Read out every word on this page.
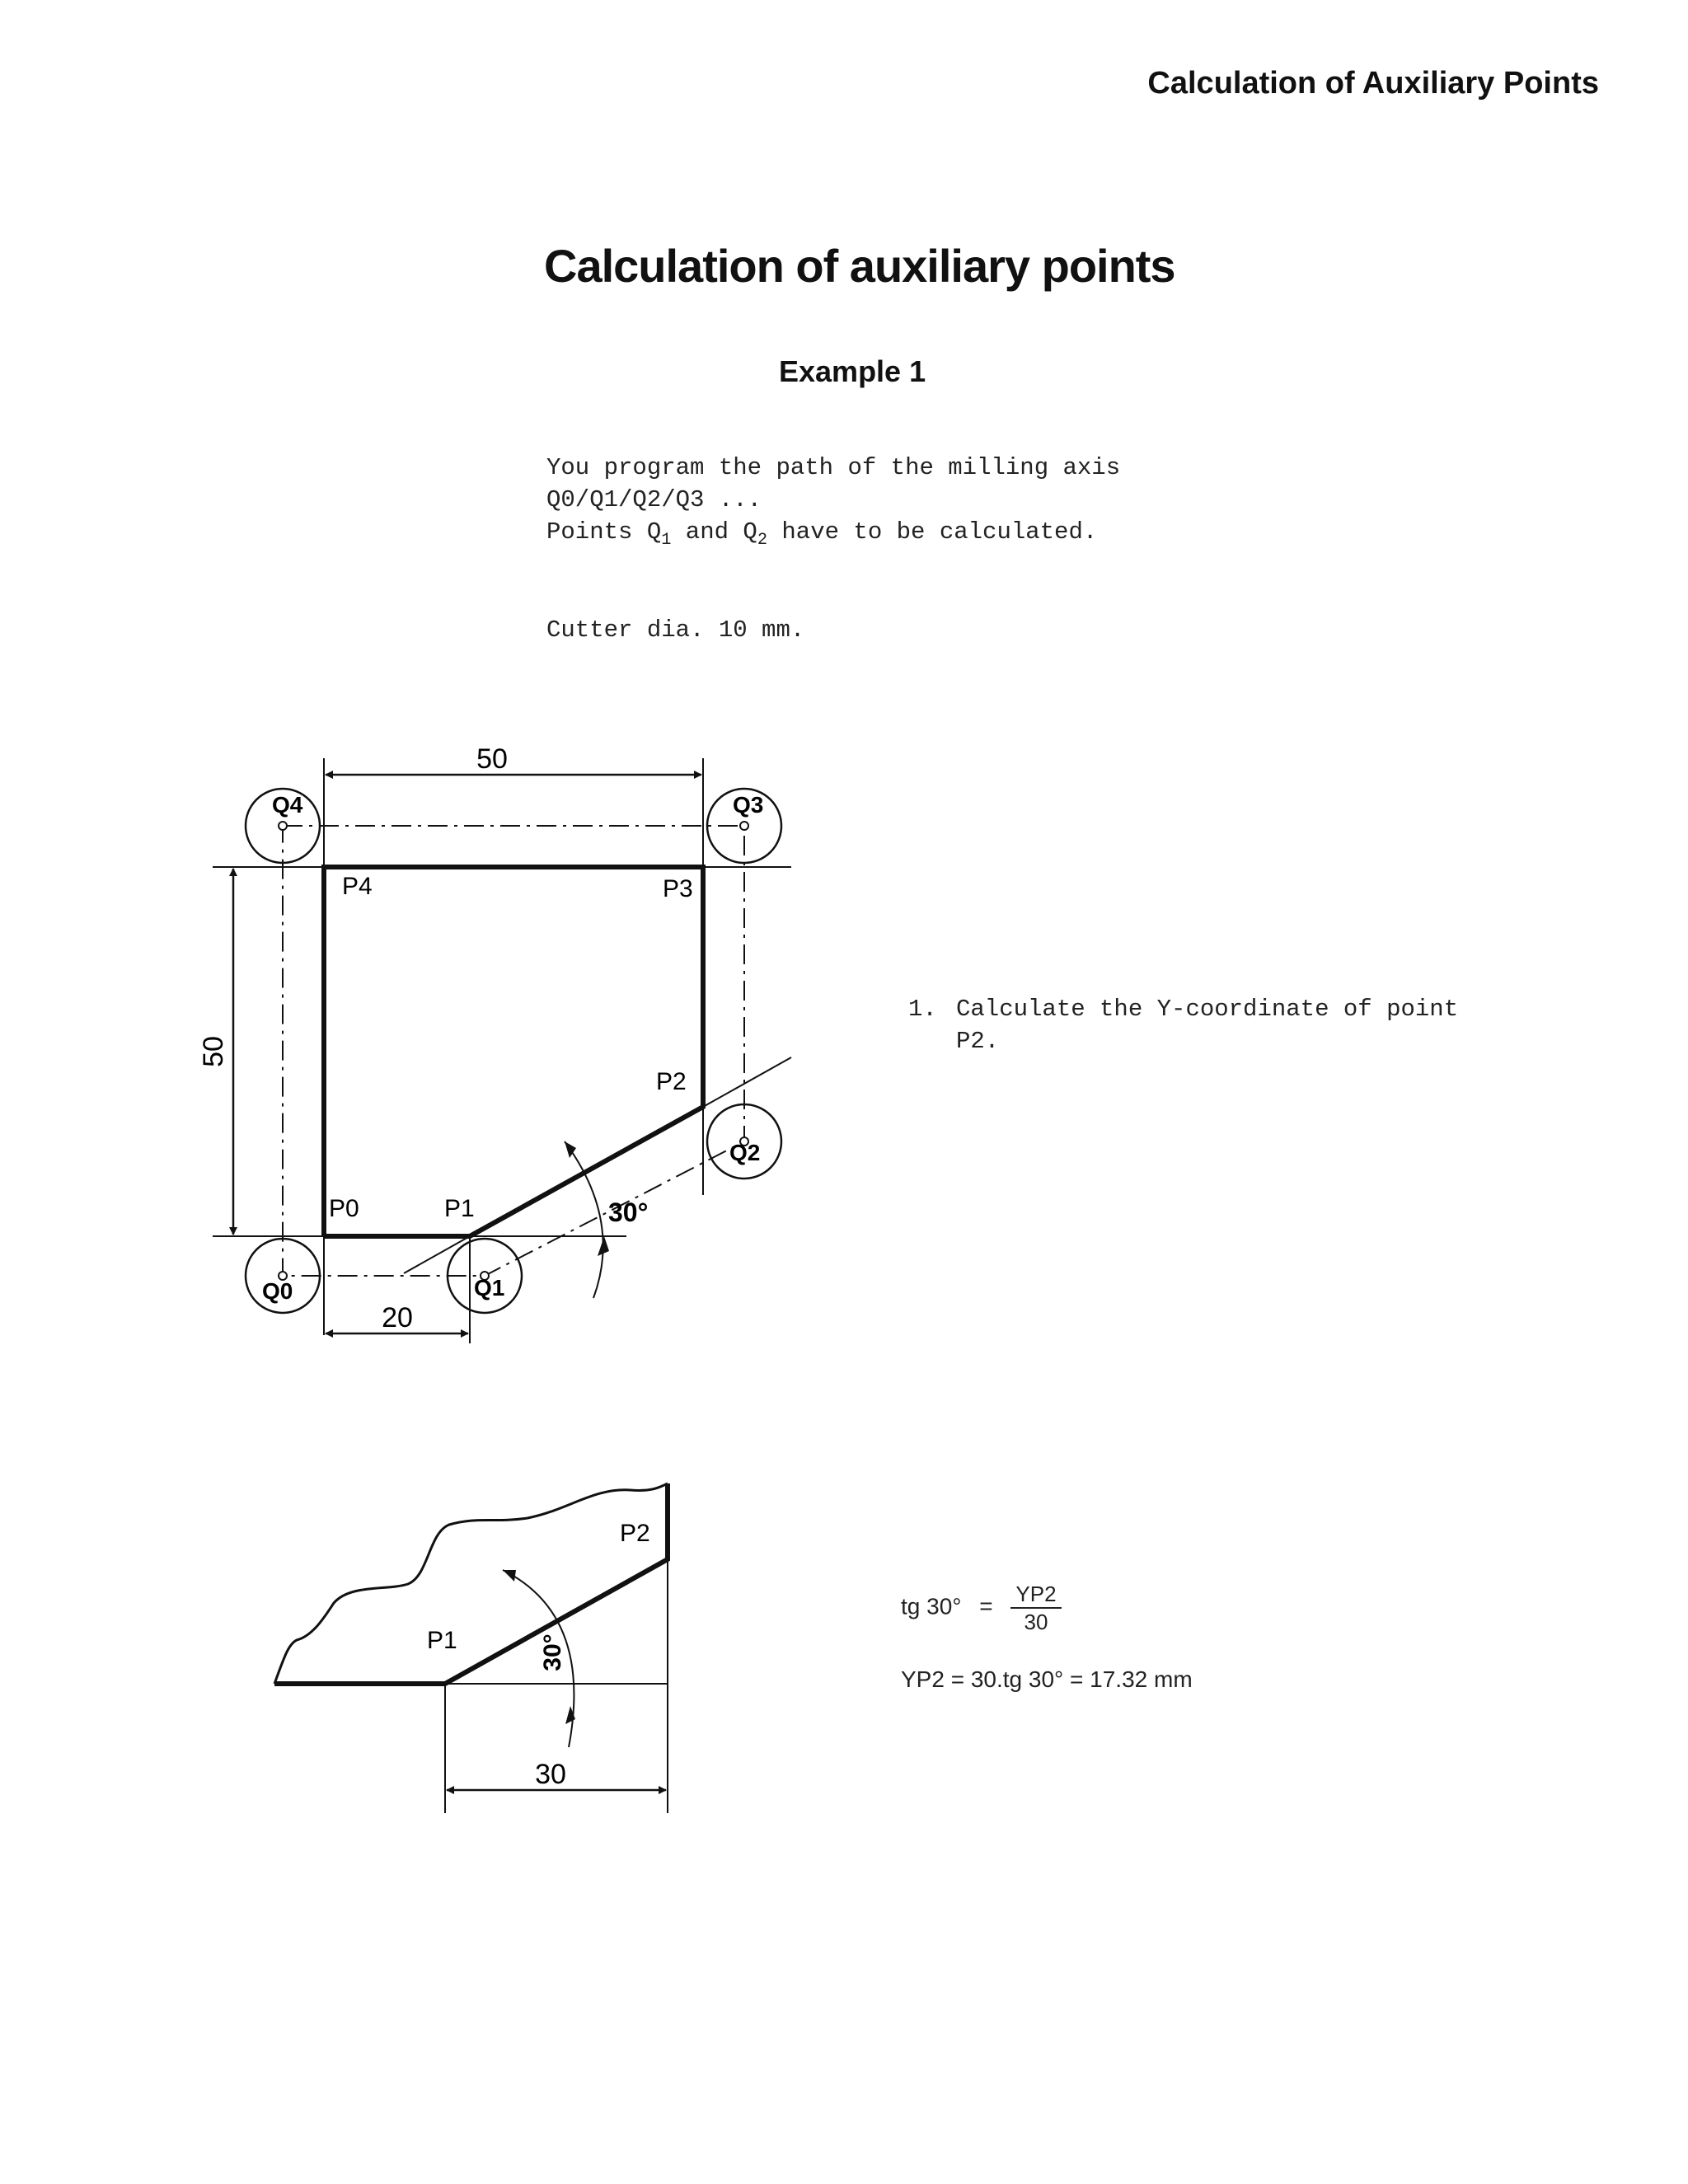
Calculation of Auxiliary Points
Calculation of auxiliary points
Example 1
You program the path of the milling axis
Q0/Q1/Q2/Q3 ...
Points $Q_1$ and $Q_2$ have to be calculated.
Cutter dia. 10 mm.
1. Calculate the Y-coordinate of point
P2.
tg $30^\circ = \frac{YP2}{30}$
YP2 = 30.tg 30° = 17.32 mm
50
50
20
30°
Q4	Q3
Q2
Q1
Q0
P4	P3
P2
P1
P0
P2
P1	30°
30
